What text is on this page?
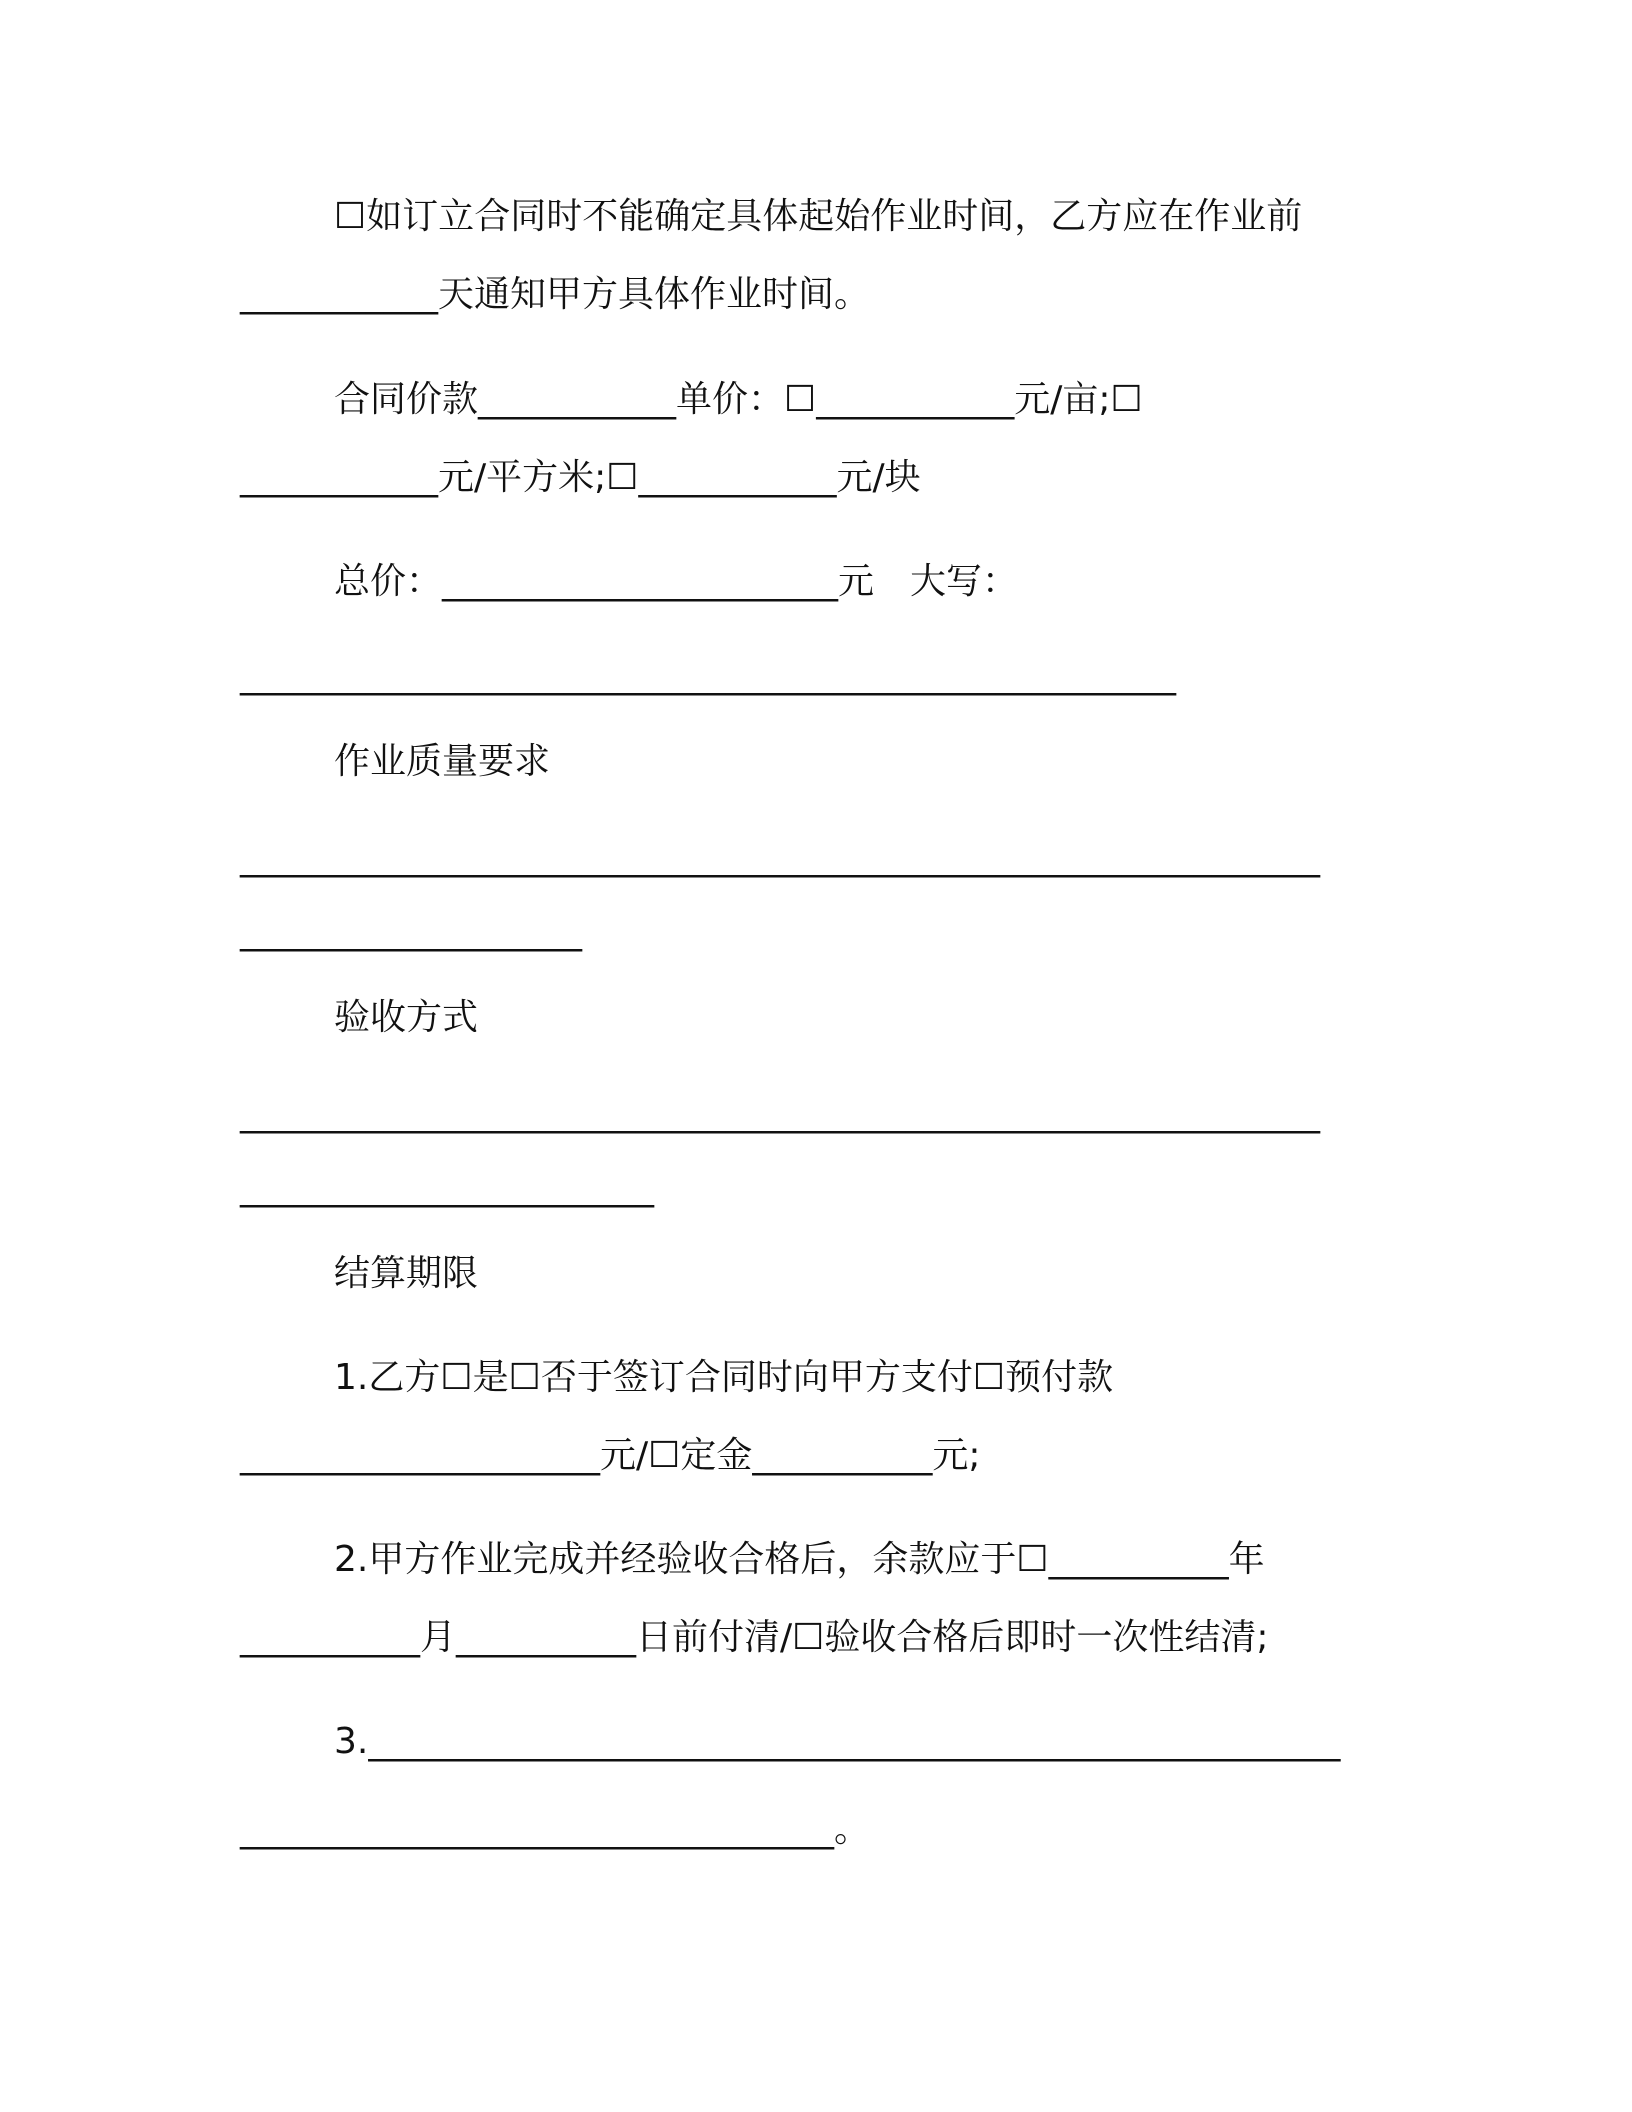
☐如订立合同时不能确定具体起始作业时间，乙方应在作业前
___________天通知甲方具体作业时间。
合同价款___________单价：☐___________元/亩;☐
___________元/平方米;☐___________元/块
总价：______________________元　大写：
____________________________________________________
作业质量要求
____________________________________________________________
___________________
验收方式
____________________________________________________________
_______________________
结算期限
1.乙方☐是☐否于签订合同时向甲方支付☐预付款
____________________元/☐定金__________元;
2.甲方作业完成并经验收合格后，余款应于☐__________年
__________月__________日前付清/☐验收合格后即时一次性结清;
3.______________________________________________________
_________________________________。
